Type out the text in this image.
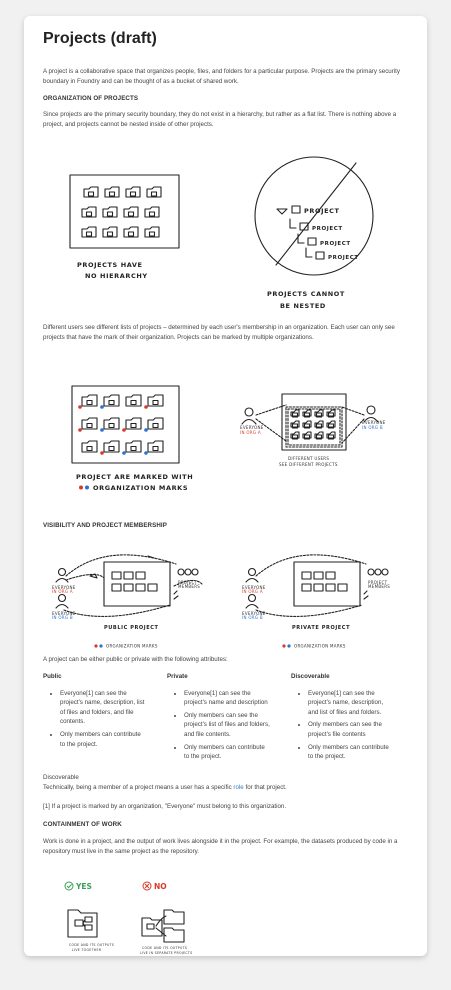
Projects (draft)

A project is a collaborative space that organizes people, files, and folders for a particular purpose. Projects are the primary security boundary in Foundry and can be thought of as a bucket of shared work.

ORGANIZATION OF PROJECTS

Since projects are the primary security boundary, they do not exist in a hierarchy, but rather as a flat list. There is nothing above a project, and projects cannot be nested inside of other projects.

PROJECTS HAVE
NO HIERARCHY
PROJECT
PROJECT
PROJECT
PROJECT
PROJECTS CANNOT
BE NESTED

Different users see different lists of projects – determined by each user's membership in an organization. Each user can only see projects that have the mark of their organization. Projects can be marked by multiple organizations.

PROJECT ARE MARKED WITH
ORGANIZATION MARKS
EVERYONE
IN ORG A
EVERYONE
IN ORG B
DIFFERENT USERS
SEE DIFFERENT PROJECTS

VISIBILITY AND PROJECT MEMBERSHIP

EVERYONE
IN ORG A
EVERYONE
IN ORG B
PROJECT
MEMBERS
PUBLIC PROJECT
EVERYONE
IN ORG A
EVERYONE
IN ORG B
PROJECT
MEMBERS
PRIVATE PROJECT
ORGANIZATION MARKS	ORGANIZATION MARKS

A project can be either public or private with the following attributes:

Public
• Everyone[1] can see the project's name, description, list of files and folders, and file contents.
• Only members can contribute to the project.
Private
• Everyone[1] can see the project's name and description
• Only members can see the project's list of files and folders, and file contents.
• Only members can contribute to the project.
Discoverable
• Everyone[1] can see the project's name, description, and list of files and folders.
• Only members can see the project's file contents
• Only members can contribute to the project.

Discoverable

Technically, being a member of a project means a user has a specific role for that project.

[1] If a project is marked by an organization, "Everyone" must belong to this organization.

CONTAINMENT OF WORK

Work is done in a project, and the output of work lives alongside it in the project. For example, the datasets produced by code in a repository must live in the same project as the repository.

YES
CODE AND ITS OUTPUTS
LIVE TOGETHER
NO
CODE AND ITS OUTPUTS
LIVE IN SEPARATE PROJECTS
